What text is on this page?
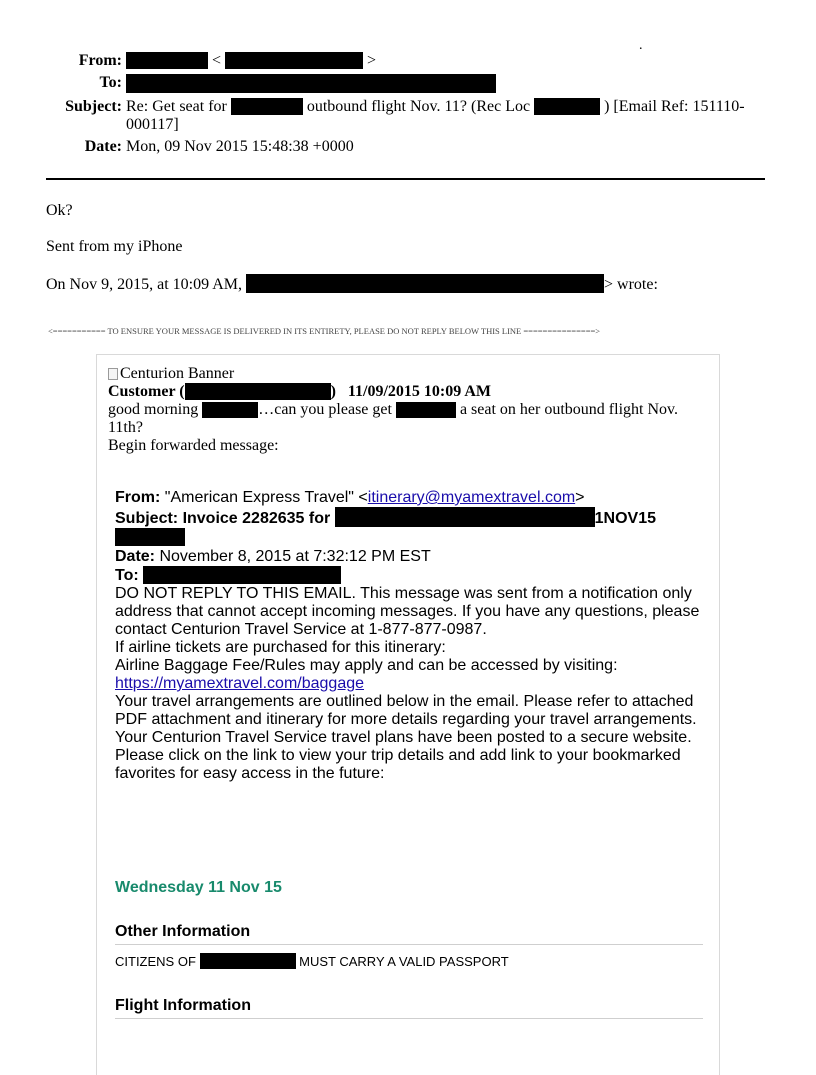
.
From:	<	>
To:
Subject: Re: Get seat for	outbound flight Nov. 11? (Rec Loc	) [Email Ref: 151110-000117]
Date: Mon, 09 Nov 2015 15:48:38 +0000
Ok?
Sent from my iPhone
On Nov 9, 2015, at 10:09 AM,	> wrote:
<=========== TO ENSURE YOUR MESSAGE IS DELIVERED IN ITS ENTIRETY, PLEASE DO NOT REPLY BELOW THIS LINE ===============>
Centurion Banner
Customer (	) 11/09/2015 10:09 AM
good morning	…can you please get	a seat on her outbound flight Nov. 11th?
Begin forwarded message:
From: "American Express Travel" <itinerary@myamextravel.com>
Subject: Invoice 2282635 for	1NOV15
Date: November 8, 2015 at 7:32:12 PM EST
To:
DO NOT REPLY TO THIS EMAIL. This message was sent from a notification only address that cannot accept incoming messages. If you have any questions, please contact Centurion Travel Service at 1-877-877-0987.
If airline tickets are purchased for this itinerary:
Airline Baggage Fee/Rules may apply and can be accessed by visiting:
https://myamextravel.com/baggage
Your travel arrangements are outlined below in the email. Please refer to attached PDF attachment and itinerary for more details regarding your travel arrangements.
Your Centurion Travel Service travel plans have been posted to a secure website. Please click on the link to view your trip details and add link to your bookmarked favorites for easy access in the future:
Wednesday 11 Nov 15
Other Information
CITIZENS OF	MUST CARRY A VALID PASSPORT
Flight Information
